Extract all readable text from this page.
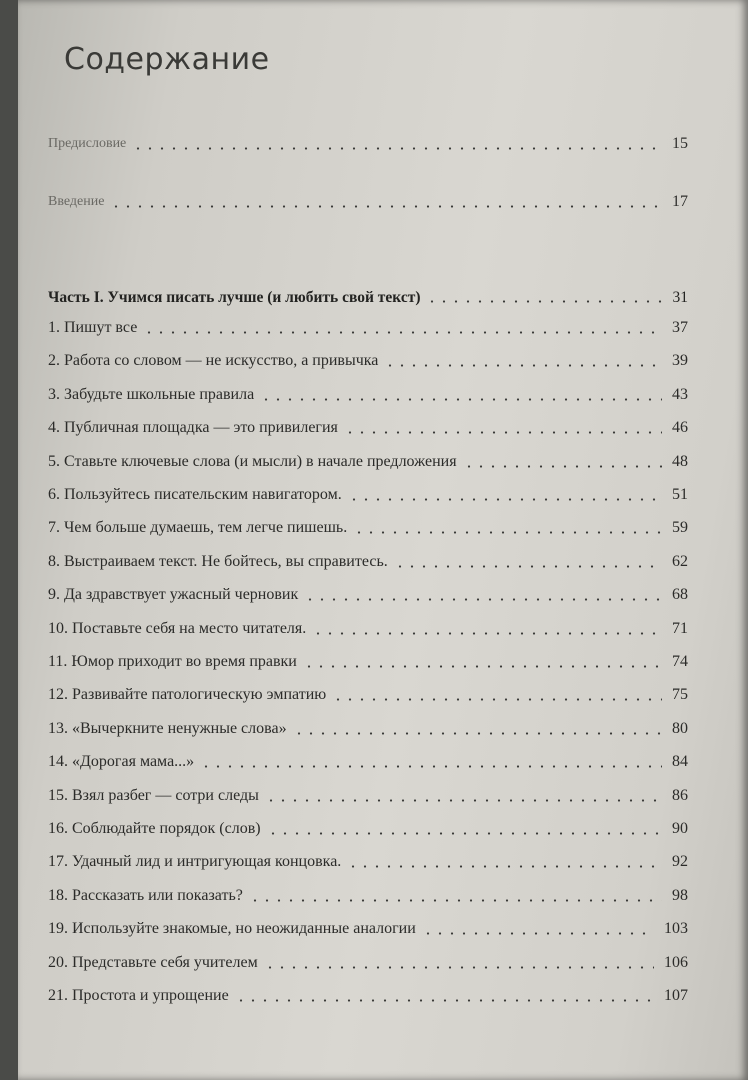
Содержание
Предисловие	15
Введение	17
Часть I. Учимся писать лучше (и любить свой текст)	31
1. Пишут все	37
2. Работа со словом — не искусство, а привычка	39
3. Забудьте школьные правила	43
4. Публичная площадка — это привилегия	46
5. Ставьте ключевые слова (и мысли) в начале предложения	48
6. Пользуйтесь писательским навигатором.	51
7. Чем больше думаешь, тем легче пишешь.	59
8. Выстраиваем текст. Не бойтесь, вы справитесь.	62
9. Да здравствует ужасный черновик	68
10. Поставьте себя на место читателя.	71
11. Юмор приходит во время правки	74
12. Развивайте патологическую эмпатию	75
13. «Вычеркните ненужные слова»	80
14. «Дорогая мама...»	84
15. Взял разбег — сотри следы	86
16. Соблюдайте порядок (слов)	90
17. Удачный лид и интригующая концовка.	92
18. Рассказать или показать?	98
19. Используйте знакомые, но неожиданные аналогии	103
20. Представьте себя учителем	106
21. Простота и упрощение	107
